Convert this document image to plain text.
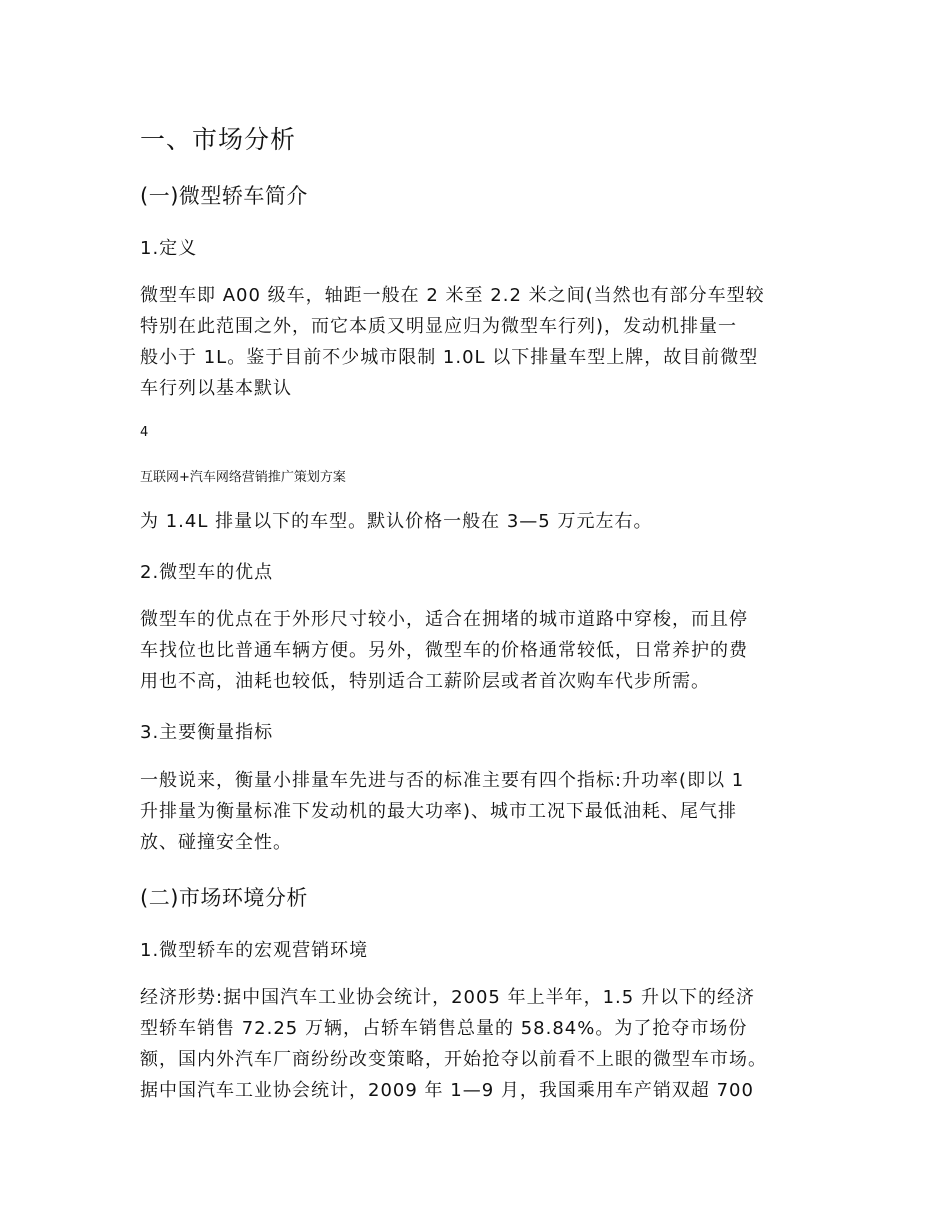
一、市场分析
(一)微型轿车简介
1.定义
微型车即 A00 级车，轴距一般在 2 米至 2.2 米之间(当然也有部分车型较
特别在此范围之外，而它本质又明显应归为微型车行列)，发动机排量一
般小于 1L。鉴于目前不少城市限制 1.0L 以下排量车型上牌，故目前微型
车行列以基本默认
4
互联网+汽车网络营销推广策划方案
为 1.4L 排量以下的车型。默认价格一般在 3—5 万元左右。
2.微型车的优点
微型车的优点在于外形尺寸较小，适合在拥堵的城市道路中穿梭，而且停
车找位也比普通车辆方便。另外，微型车的价格通常较低，日常养护的费
用也不高，油耗也较低，特别适合工薪阶层或者首次购车代步所需。
3.主要衡量指标
一般说来，衡量小排量车先进与否的标准主要有四个指标:升功率(即以 1
升排量为衡量标准下发动机的最大功率)、城市工况下最低油耗、尾气排
放、碰撞安全性。
(二)市场环境分析
1.微型轿车的宏观营销环境
经济形势:据中国汽车工业协会统计，2005 年上半年，1.5 升以下的经济
型轿车销售 72.25 万辆，占轿车销售总量的 58.84%。为了抢夺市场份
额，国内外汽车厂商纷纷改变策略，开始抢夺以前看不上眼的微型车市场。
据中国汽车工业协会统计，2009 年 1—9 月，我国乘用车产销双超 700
